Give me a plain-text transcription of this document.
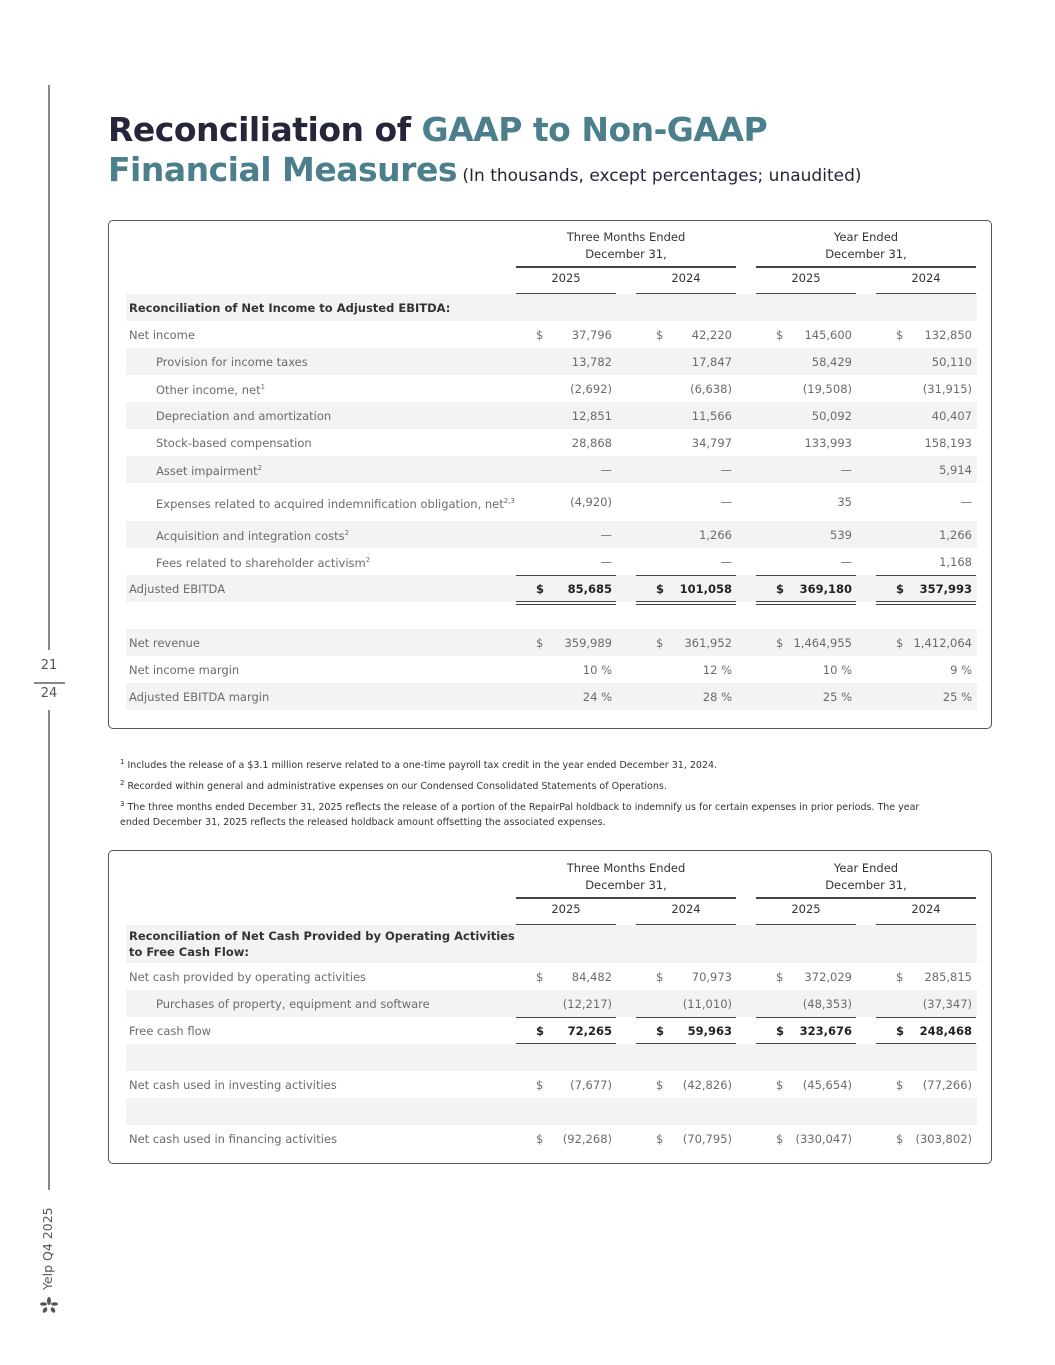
21
24
Yelp Q4 2025
Reconciliation of GAAP to Non-GAAP
Financial Measures (In thousands, except percentages; unaudited)
Three Months Ended
December 31,
Year Ended
December 31,
2025	2024	2025	2024
Reconciliation of Net Income to Adjusted EBITDA:
Net income	$ 37,796	$ 42,220	$ 145,600	$ 132,850
Provision for income taxes	13,782	17,847	58,429	50,110
Other income, net$^1$	(2,692)	(6,638)	(19,508)	(31,915)
Depreciation and amortization	12,851	11,566	50,092	40,407
Stock-based compensation	28,868	34,797	133,993	158,193
Asset impairment$^2$	—	—	—	5,914
Expenses related to acquired indemnification obligation, net$^{2,3}$	(4,920)	—	35	—
Acquisition and integration costs$^2$	—	1,266	539	1,266
Fees related to shareholder activism$^2$	—	—	—	1,168
Adjusted EBITDA	$ 85,685	$ 101,058	$ 369,180	$ 357,993
Net revenue	$ 359,989	$ 361,952	$ 1,464,955	$ 1,412,064
Net income margin	10 %	12 %	10 %	9 %
Adjusted EBITDA margin	24 %	28 %	25 %	25 %
$^1$ Includes the release of a $3.1 million reserve related to a one-time payroll tax credit in the year ended December 31, 2024.
$^2$ Recorded within general and administrative expenses on our Condensed Consolidated Statements of Operations.
$^3$ The three months ended December 31, 2025 reflects the release of a portion of the RepairPal holdback to indemnify us for certain expenses in prior periods. The year ended December 31, 2025 reflects the released holdback amount offsetting the associated expenses.
Three Months Ended
December 31,
Year Ended
December 31,
2025	2024	2025	2024
Reconciliation of Net Cash Provided by Operating Activities to Free Cash Flow:
Net cash provided by operating activities	$ 84,482	$ 70,973	$ 372,029	$ 285,815
Purchases of property, equipment and software	(12,217)	(11,010)	(48,353)	(37,347)
Free cash flow	$ 72,265	$ 59,963	$ 323,676	$ 248,468
Net cash used in investing activities	$ (7,677)	$ (42,826)	$ (45,654)	$ (77,266)
Net cash used in financing activities	$ (92,268)	$ (70,795)	$ (330,047)	$ (303,802)
